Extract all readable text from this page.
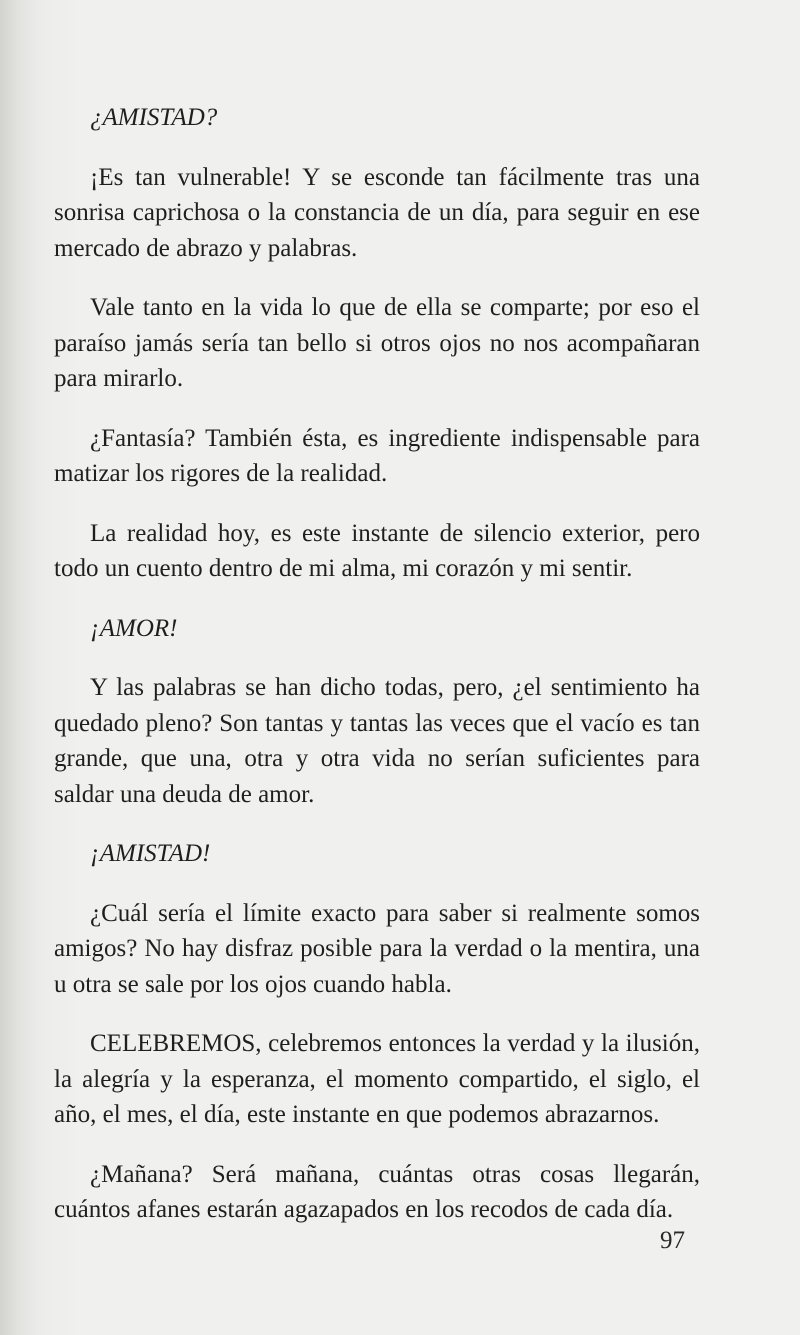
¿AMISTAD?

¡Es tan vulnerable! Y se esconde tan fácilmente tras una sonrisa caprichosa o la constancia de un día, para seguir en ese mercado de abrazo y palabras.

Vale tanto en la vida lo que de ella se comparte; por eso el paraíso jamás sería tan bello si otros ojos no nos acompañaran para mirarlo.

¿Fantasía? También ésta, es ingrediente indispensable para matizar los rigores de la realidad.

La realidad hoy, es este instante de silencio exterior, pero todo un cuento dentro de mi alma, mi corazón y mi sentir.

¡AMOR!

Y las palabras se han dicho todas, pero, ¿el sentimiento ha quedado pleno? Son tantas y tantas las veces que el vacío es tan grande, que una, otra y otra vida no serían suficientes para saldar una deuda de amor.

¡AMISTAD!

¿Cuál sería el límite exacto para saber si realmente somos amigos? No hay disfraz posible para la verdad o la mentira, una u otra se sale por los ojos cuando habla.

CELEBREMOS, celebremos entonces la verdad y la ilusión, la alegría y la esperanza, el momento compartido, el siglo, el año, el mes, el día, este instante en que podemos abrazarnos.

¿Mañana? Será mañana, cuántas otras cosas llegarán, cuántos afanes estarán agazapados en los recodos de cada día.

97
